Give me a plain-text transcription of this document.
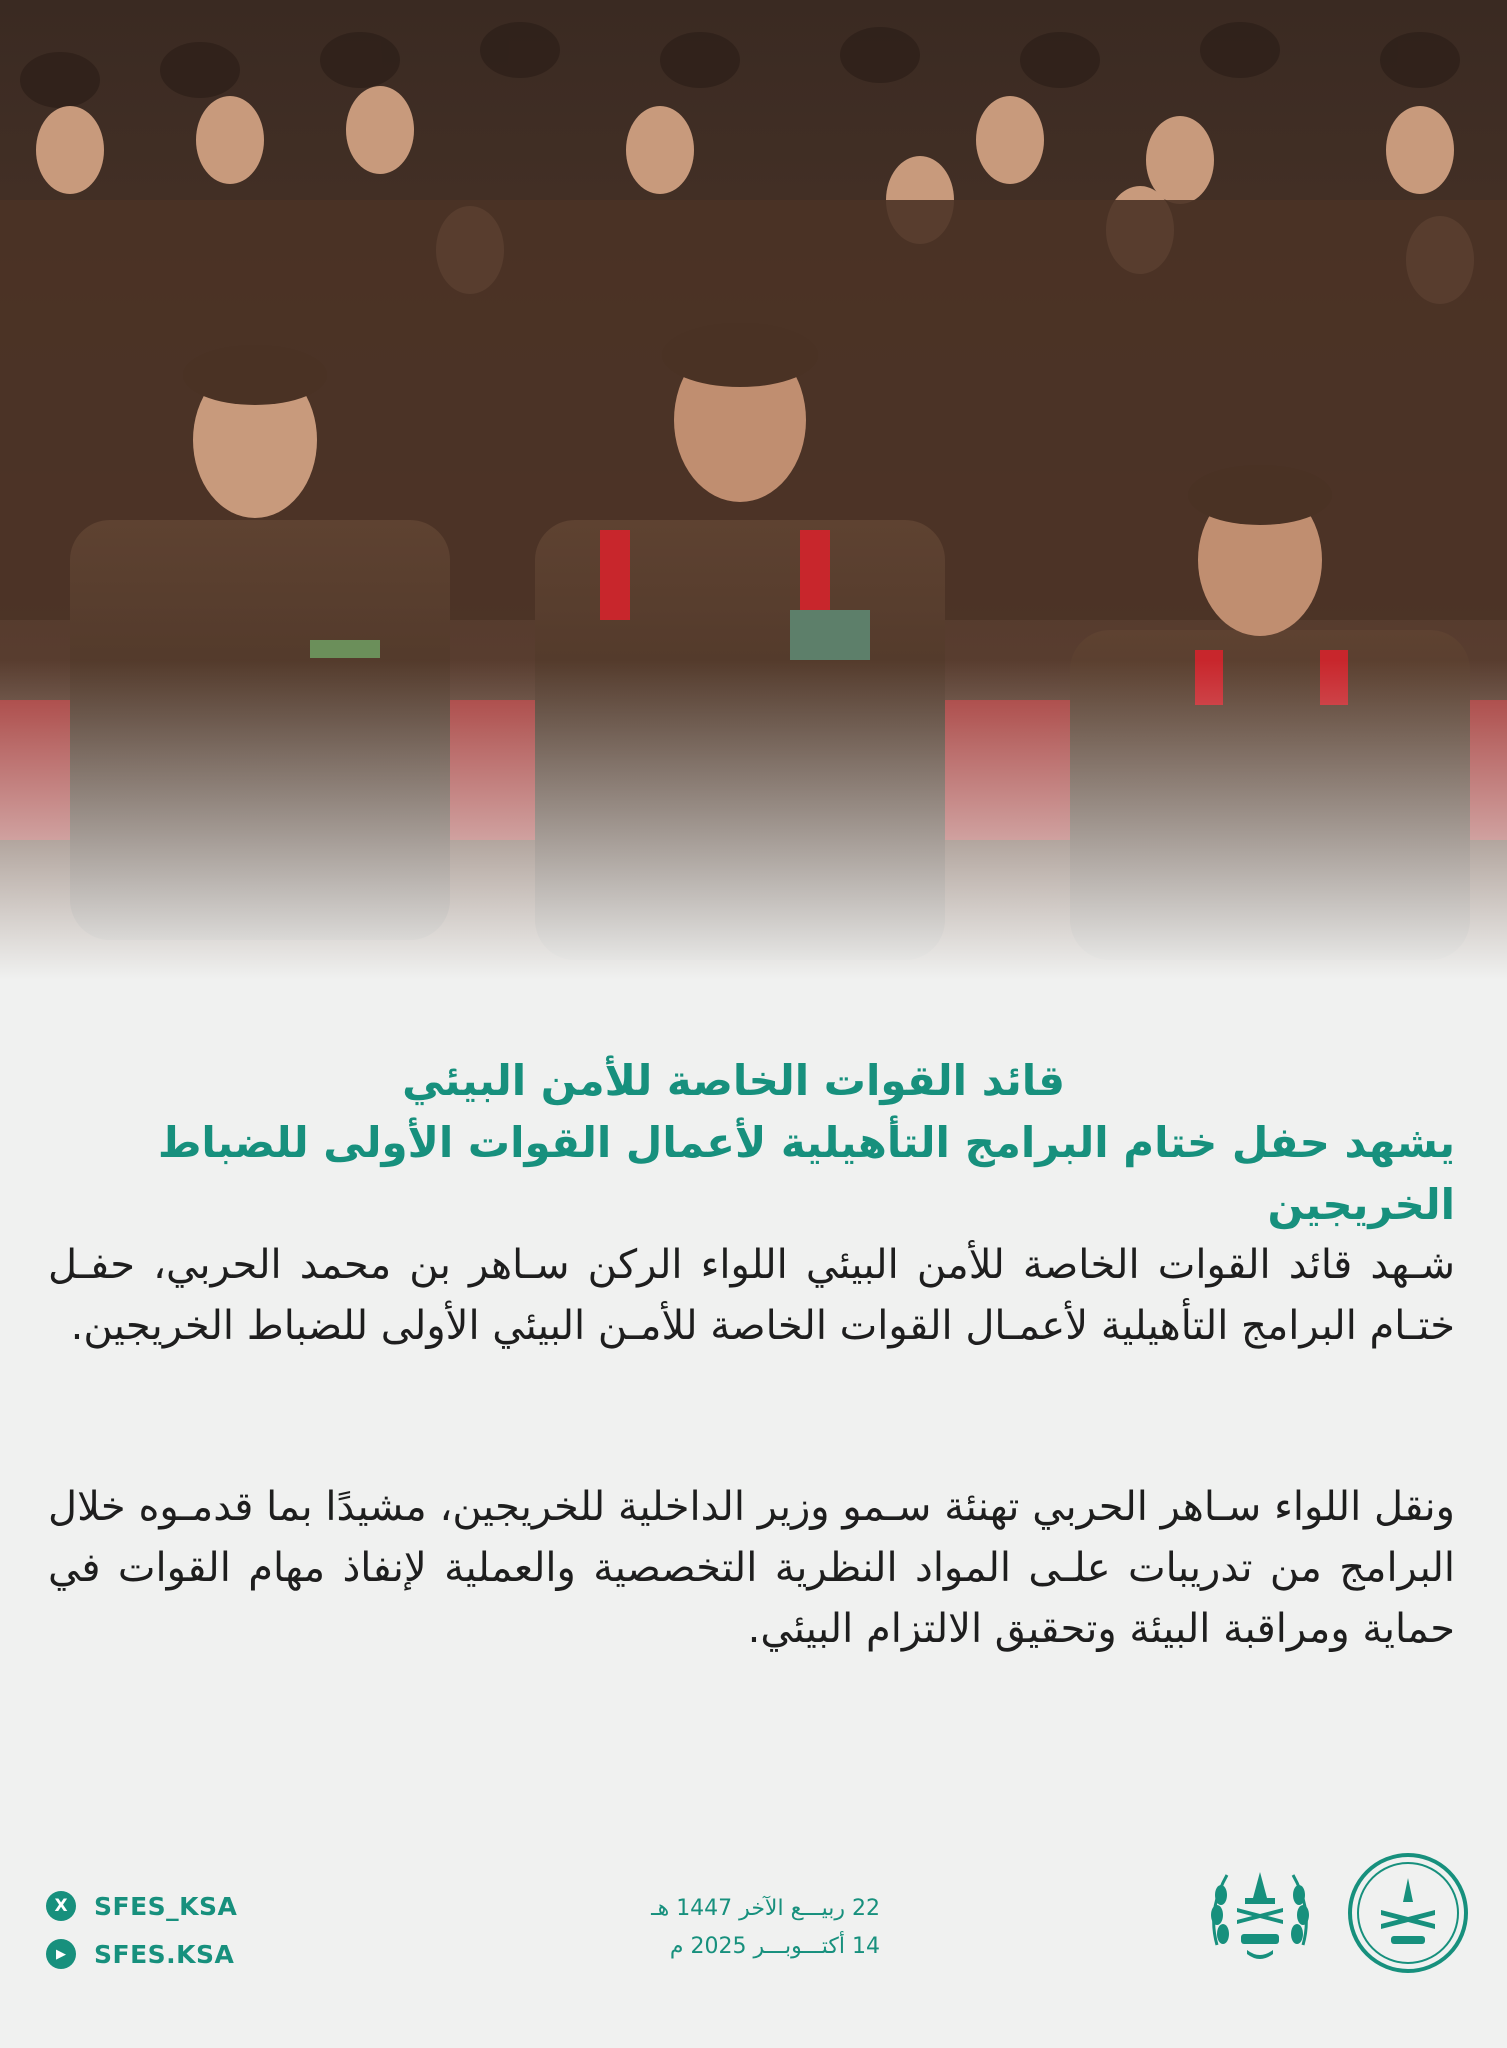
قائد القوات الخاصة للأمن البيئي
يشهد حفل ختام البرامج التأهيلية لأعمال القوات الأولى للضباط الخريجين

شـهد قائد القوات الخاصة للأمن البيئي اللواء الركن سـاهر بن محمد الحربي، حفـل ختـام البرامج التأهيلية لأعمـال القوات الخاصة للأمـن البيئي الأولى للضباط الخريجين.

ونقل اللواء سـاهر الحربي تهنئة سـمو وزير الداخلية للخريجين، مشيدًا بما قدمـوه خلال البرامج من تدريبات علـى المواد النظرية التخصصية والعملية لإنفاذ مهام القوات في حماية ومراقبة البيئة وتحقيق الالتزام البيئي.

X	SFES_KSA
▶	SFES.KSA
22 ربيـــع الآخر 1447 هـ
14 أكتـــوبـــر 2025 م
